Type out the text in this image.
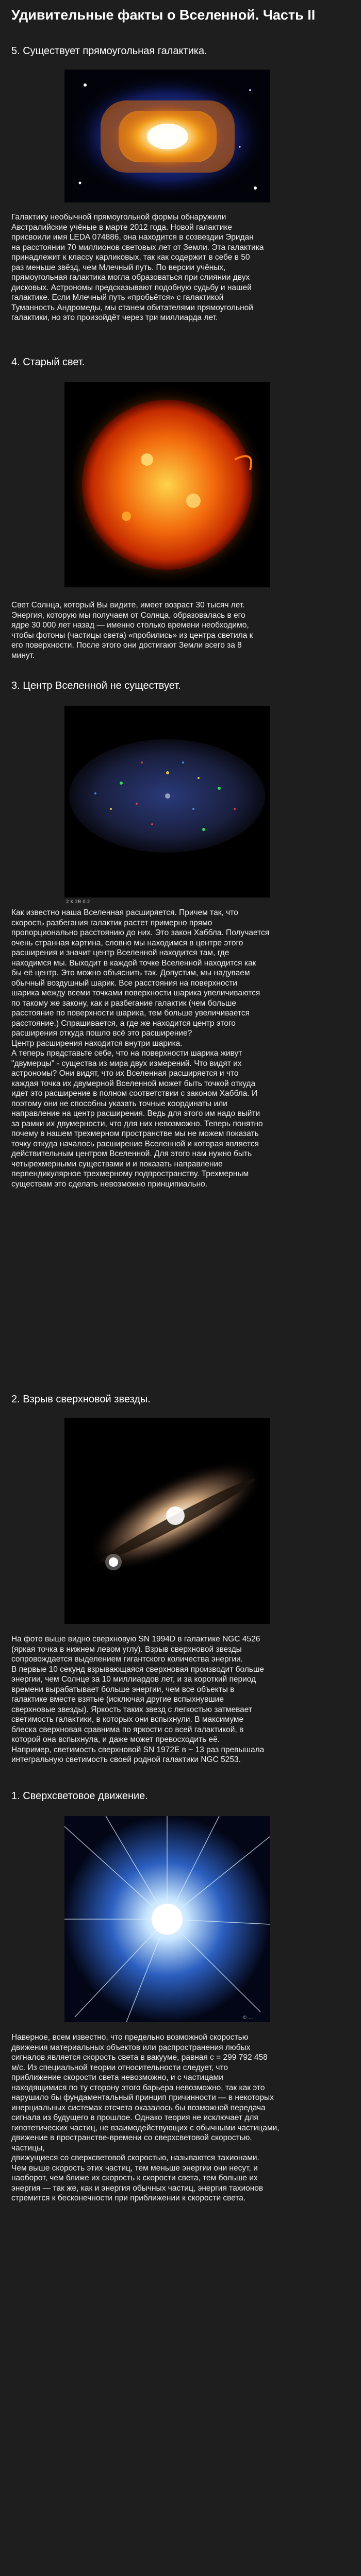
Удивительные факты о Вселенной. Часть II
5. Существует прямоугольная галактика.

Галактику необычной прямоугольной формы обнаружили
Австралийские учёные в марте 2012 года. Новой галактике
присвоили имя LEDA 074886, она находится в созвездии Эридан
на расстоянии 70 миллионов световых лет от Земли. Эта галактика
принадлежит к классу карликовых, так как содержит в себе в 50
раз меньше звёзд, чем Млечный путь. По версии учёных,
прямоугольная галактика могла образоваться при слиянии двух
дисковых. Астрономы предсказывают подобную судьбу и нашей
галактике. Если Млечный путь «пробьётся» с галактикой
Туманность Андромеды, мы станем обитателями прямоугольной
галактики, но это произойдёт через три миллиарда лет.

4. Старый свет.

Свет Солнца, который Вы видите, имеет возраст 30 тысяч лет.
Энергия, которую мы получаем от Солнца, образовалась в его
ядре 30 000 лет назад — именно столько времени необходимо,
чтобы фотоны (частицы света) «пробились» из центра светила к
его поверхности. После этого они достигают Земли всего за 8
минут.

3. Центр Вселенной не существует.
2 K 2B 0.2

Как известно наша Вселенная расширяется. Причем так, что
скорость разбегания галактик растет примерно прямо
пропорционально расстоянию до них. Это закон Хаббла. Получается
очень странная картина, словно мы находимся в центре этого
расширения и значит центр Вселенной находится там, где
находимся мы. Выходит в каждой точке Вселенной находится как
бы её центр. Это можно объяснить так. Допустим, мы надуваем
обычный воздушный шарик. Все расстояния на поверхности
шарика между всеми точками поверхности шарика увеличиваются
по такому же закону, как и разбегание галактик (чем больше
расстояние по поверхности шарика, тем больше увеличивается
расстояние.) Спрашивается, а где же находится центр этого
расширения откуда пошло всё это расширение?
Центр расширения находится внутри шарика.
А теперь представьте себе, что на поверхности шарика живут
"двумерцы" - существа из мира двух измерений. Что видят их
астрономы? Они видят, что их Вселенная расширяется и что
каждая точка их двумерной Вселенной может быть точкой откуда
идет это расширение в полном соответствии с законом Хаббла. И
поэтому они не способны указать точные координаты или
направление на центр расширения. Ведь для этого им надо выйти
за рамки их двумерности, что для них невозможно. Теперь понятно
почему в нашем трехмерном пространстве мы не можем показать
точку откуда началось расширение Вселенной и которая является
действительным центром Вселенной. Для этого нам нужно быть
четырехмерными существами и и показать направление
перпендикулярное трехмерному подпространству. Трехмерным
существам это сделать невозможно принципиально.

2. Взрыв сверхновой звезды.

На фото выше видно сверхновую SN 1994D в галактике NGC 4526
(яркая точка в нижнем левом углу). Взрыв сверхновой звезды
сопровождается выделением гигантского количества энергии.
В первые 10 секунд взрывающаяся сверхновая производит больше
энергии, чем Солнце за 10 миллиардов лет, и за короткий период
времени вырабатывает больше энергии, чем все объекты в
галактике вместе взятые (исключая другие вспыхнувшие
сверхновые звезды). Яркость таких звезд с легкостью затмевает
светимость галактики, в которых они вспыхнули. В максимуме
блеска сверхновая сравнима по яркости со всей галактикой, в
которой она вспыхнула, и даже может превосходить её.
Например, светимость сверхновой SN 1972E в ~ 13 раз превышала
интегральную светимость своей родной галактики NGC 5253.

1. Сверхсветовое движение.
© ...

Наверное, всем известно, что предельно возможной скоростью
движения материальных объектов или распространения любых
сигналов является скорость света в вакууме, равная с = 299 792 458
м/с. Из специальной теории относительности следует, что
приближение скорости света невозможно, и с частицами
находящимися по ту сторону этого барьера невозможно, так как это
нарушило бы фундаментальный принцип причинности — в некоторых
инерциальных системах отсчета оказалось бы возможной передача
сигнала из будущего в прошлое. Однако теория не исключает для
гипотетических частиц, не взаимодействующих с обычными частицами,
движение в пространстве-времени со сверхсветовой скоростью. частицы,
движущиеся со сверхсветовой скоростью, называются тахионами.
Чем выше скорость этих частиц, тем меньше энергии они несут, и
наоборот, чем ближе их скорость к скорости света, тем больше их
энергия — так же, как и энергия обычных частиц, энергия тахионов
стремится к бесконечности при приближении к скорости света.
